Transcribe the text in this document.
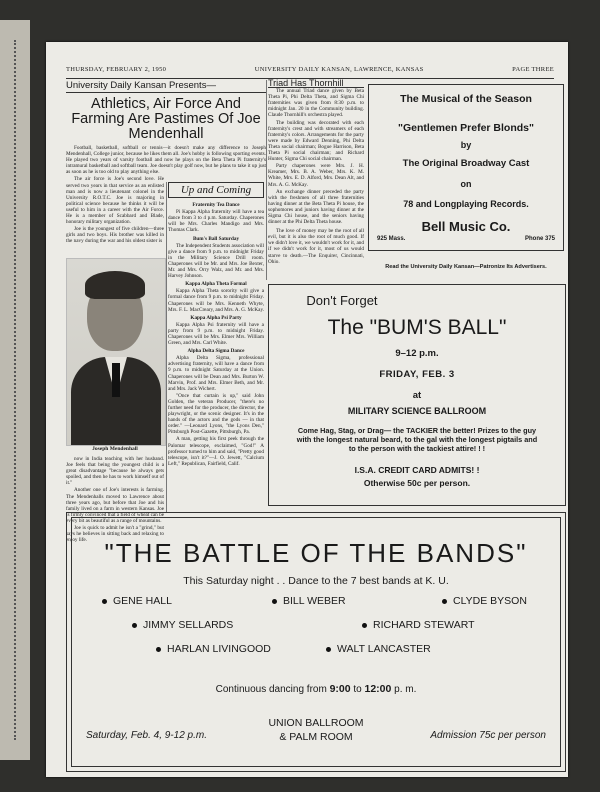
THURSDAY, FEBRUARY 2, 1950	UNIVERSITY DAILY KANSAN, LAWRENCE, KANSAS	PAGE THREE
University Daily Kansan Presents—
Athletics, Air Force And Farming Are Pastimes Of Joe Mendenhall

Football, basketball, softball or tennis—it doesn't make any difference to Joseph Mendenhall, College junior, because he likes them all. Joe's hobby is following sporting events. He played two years of varsity football and now he plays on the Beta Theta Pi fraternity's intramural basketball and softball team. Joe doesn't play golf now, but he plans to take it up just as soon as he is too old to play anything else.

The air force is Joe's second love. He served two years in that service as an enlisted man and is now a lieutenant colonel in the University R.O.T.C. Joe is majoring in political science because he thinks it will be useful to him in a career with the Air Force. He is a member of Scabbard and Blade, honorary military organization.

Joe is the youngest of five children—three girls and two boys. His brother was killed in the navy during the war and his oldest sister is

Joseph Mendenhall

now in India teaching with her husband. Joe feels that being the youngest child is a great disadvantage "because he always gets spoiled, and then he has to work himself out of it."

Another one of Joe's interests is farming. The Mendenhalls moved to Lawrence about three years ago, but before that Joe and his family lived on a farm in western Kansas. Joe is firmly convinced that a field of wheat can be every bit as beautiful as a range of mountains.

Joe is quick to admit he isn't a "grind," but says he believes in sitting back and relaxing to enjoy life.

Up and Coming
Fraternity Tea Dance

Pi Kappa Alpha fraternity will have a tea dance from 3 to 4 p.m. Saturday. Chaperones will be Mrs. Charles Mandigo and Mrs. Thomas Clark.

Bum's Ball Saturday

The Independent Students association will give a dance from 9 p.m. to midnight Friday in the Military Science Drill room. Chaperones will be Mr. and Mrs. Joe Bexter, Mr. and Mrs. Orry Walz, and Mr. and Mrs. Harvey Johnson.

Kappa Alpha Theta Formal

Kappa Alpha Theta sorority will give a formal dance from 9 p.m. to midnight Friday. Chaperones will be Mrs. Kenneth Whyte, Mrs. F. L. MacCreary, and Mrs. A. G. McKay.

Kappa Alpha Psi Party

Kappa Alpha Psi fraternity will have a party from 9 p.m. to midnight Friday. Chaperones will be Mrs. Elmer Mrs. William Green, and Mrs. Carl White.

Alpha Delta Sigma Dance

Alpha Delta Sigma, professional advertising fraternity, will have a dance from 9 p.m. to midnight Saturday at the Union. Chaperones will be Dean and Mrs. Burton W. Marvin, Prof. and Mrs. Elmer Beth, and Mr. and Mrs. Jack Wichert.

"Once that curtain is up," said John Golden, the veteran Producer, "there's no further need for the producer, the director, the playwright, or the scenic designer. It's in the hands of the actors and the gods — in that order." —Leonard Lyons, "the Lyons Den," Pittsburgh Post-Gazette, Pittsburgh, Pa.

A man, getting his first peek through the Palomar telescope, exclaimed, "God!" A professor turned to him and said, "Pretty good telescope, isn't it?"—J. O. Jewett, "Calcium Left," Republican, Fairfield, Calif.

Triad Has Thornhill

The annual Triad dance given by Beta Theta Pi, Phi Delta Theta, and Sigma Chi fraternities was given from 8:30 p.m. to midnight Jan. 20 in the Community building. Claude Thornhill's orchestra played.

The building was decorated with each fraternity's crest and with streamers of each fraternity's colors. Arrangements for the party were made by Edward Denning, Phi Delta Theta social chairman; Bogue Harrison, Beta Theta Pi social chairman; and Richard Hunter, Sigma Chi social chairman.

Party chaperones were Mrs. J. H. Kreamer, Mrs. B. A. Weber, Mrs. K. M. White, Mrs. E. D. Alford, Mrs. Dean Alt, and Mrs. A. G. McKay.

An exchange dinner preceded the party with the freshmen of all three fraternities having dinner at the Beta Theta Pi house, the sophomores and juniors having dinner at the Sigma Chi house, and the seniors having dinner at the Phi Delta Theta house.

The love of money may be the root of all evil, but it is also the root of much good. If we didn't love it, we wouldn't work for it, and if we didn't work for it, most of us would starve to death.—The Enquirer, Cincinnati, Ohio.

The Musical of the Season
"Gentlemen Prefer Blonds"
by
The Original Broadway Cast
on
78 and Longplaying Records.
Bell Music Co.
925 Mass.	Phone 375
Read the University Daily Kansan—Patronize Its Advertisers.
Don't Forget
The "BUM'S BALL"
9–12 p.m.
FRIDAY, FEB. 3
at
MILITARY SCIENCE BALLROOM
Come Hag, Stag, or Drag— the TACKIER the better! Prizes to the guy with the longest natural beard, to the gal with the longest pigtails and to the person with the tackiest attire! ! !
I.S.A. CREDIT CARD ADMITS! !
Otherwise 50c per person.
"THE BATTLE OF THE BANDS"
This Saturday night . . Dance to the 7 best bands at K. U.
GENE HALL	BILL WEBER	CLYDE BYSON
JIMMY SELLARDS	RICHARD STEWART
HARLAN LIVINGOOD	WALT LANCASTER
Continuous dancing from 9:00 to 12:00 p. m.
Saturday, Feb. 4, 9-12 p.m.
UNION BALLROOM
& PALM ROOM	Admission 75c per person
